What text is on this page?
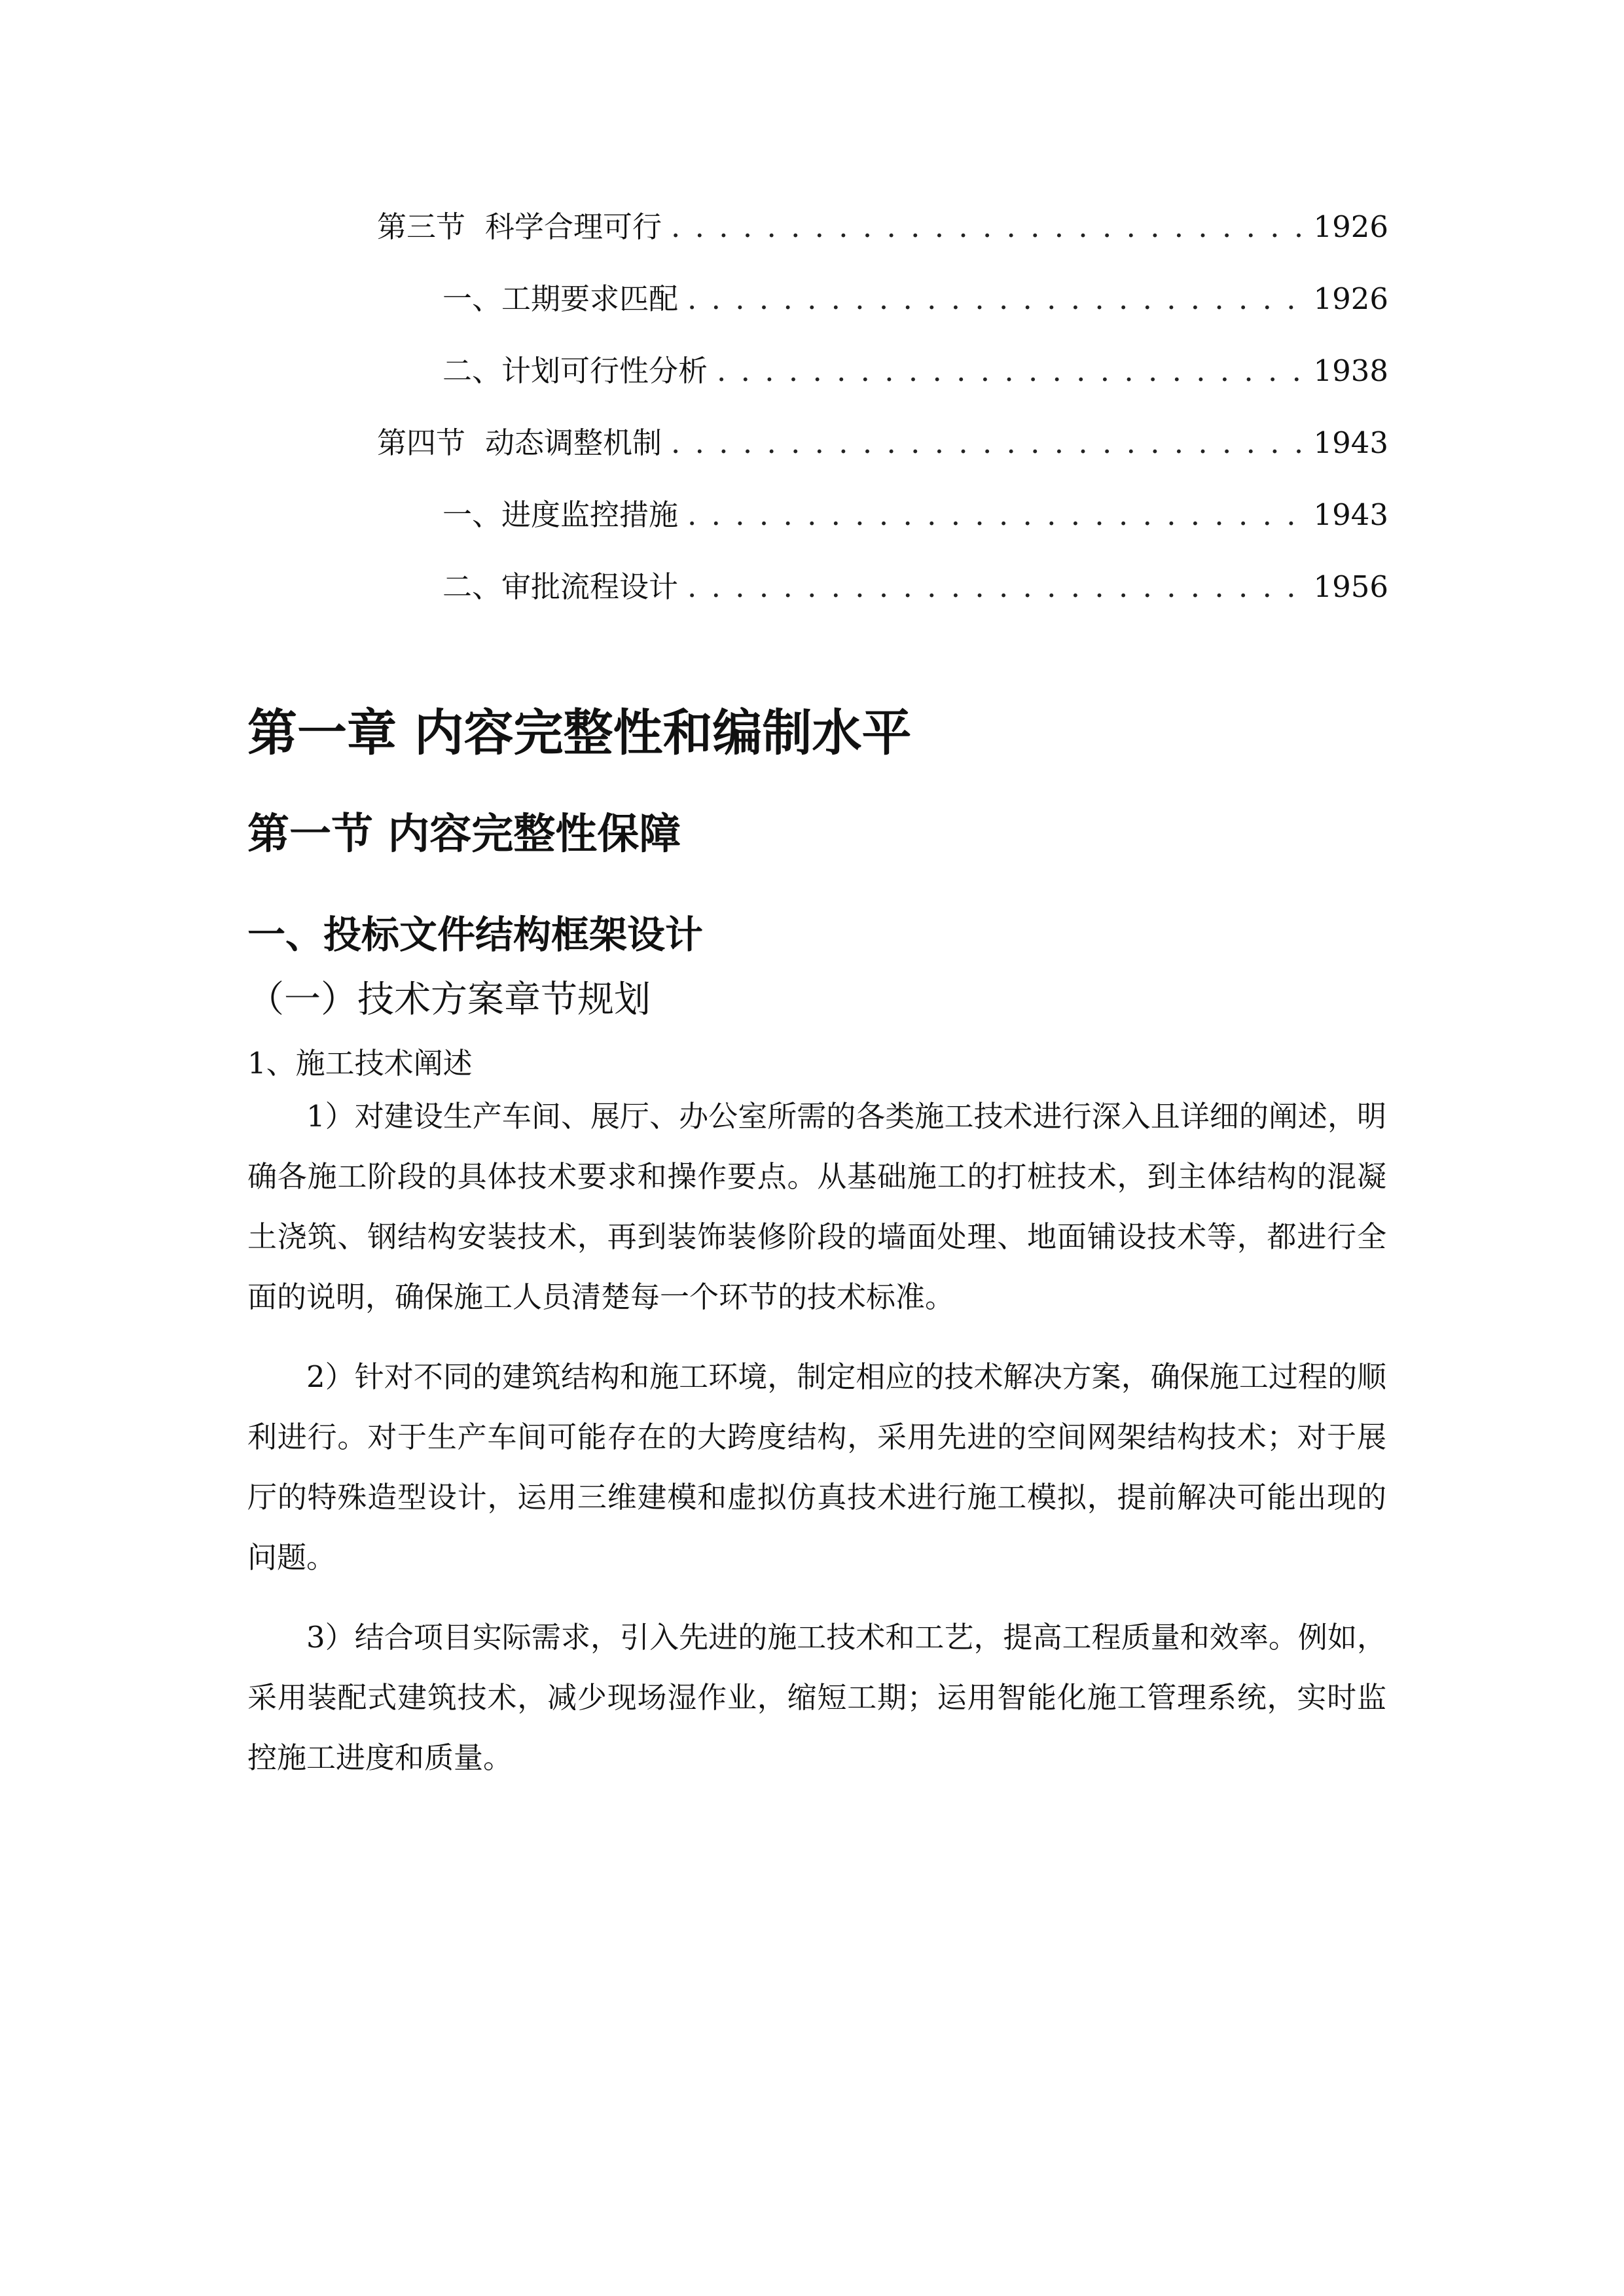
第三节 科学合理可行 . . .	1926
一、 工期要求匹配 . . .	1926
二、 计划可行性分析 . . .	1938
第四节 动态调整机制 . . .	1943
一、 进度监控措施 . . .	1943
二、 审批流程设计 . . .	1956
第一章 内容完整性和编制水平
第一节 内容完整性保障
一、投标文件结构框架设计
（一）技术方案章节规划
1、施工技术阐述

1）对建设生产车间、展厅、办公室所需的各类施工技术进行深入且详细的阐述，明确各施工阶段的具体技术要求和操作要点。从基础施工的打桩技术，到主体结构的混凝土浇筑、钢结构安装技术，再到装饰装修阶段的墙面处理、地面铺设技术等，都进行全面的说明，确保施工人员清楚每一个环节的技术标准。

2）针对不同的建筑结构和施工环境，制定相应的技术解决方案，确保施工过程的顺利进行。对于生产车间可能存在的大跨度结构，采用先进的空间网架结构技术；对于展厅的特殊造型设计，运用三维建模和虚拟仿真技术进行施工模拟，提前解决可能出现的问题。

3）结合项目实际需求，引入先进的施工技术和工艺，提高工程质量和效率。例如，采用装配式建筑技术，减少现场湿作业，缩短工期；运用智能化施工管理系统，实时监控施工进度和质量。
